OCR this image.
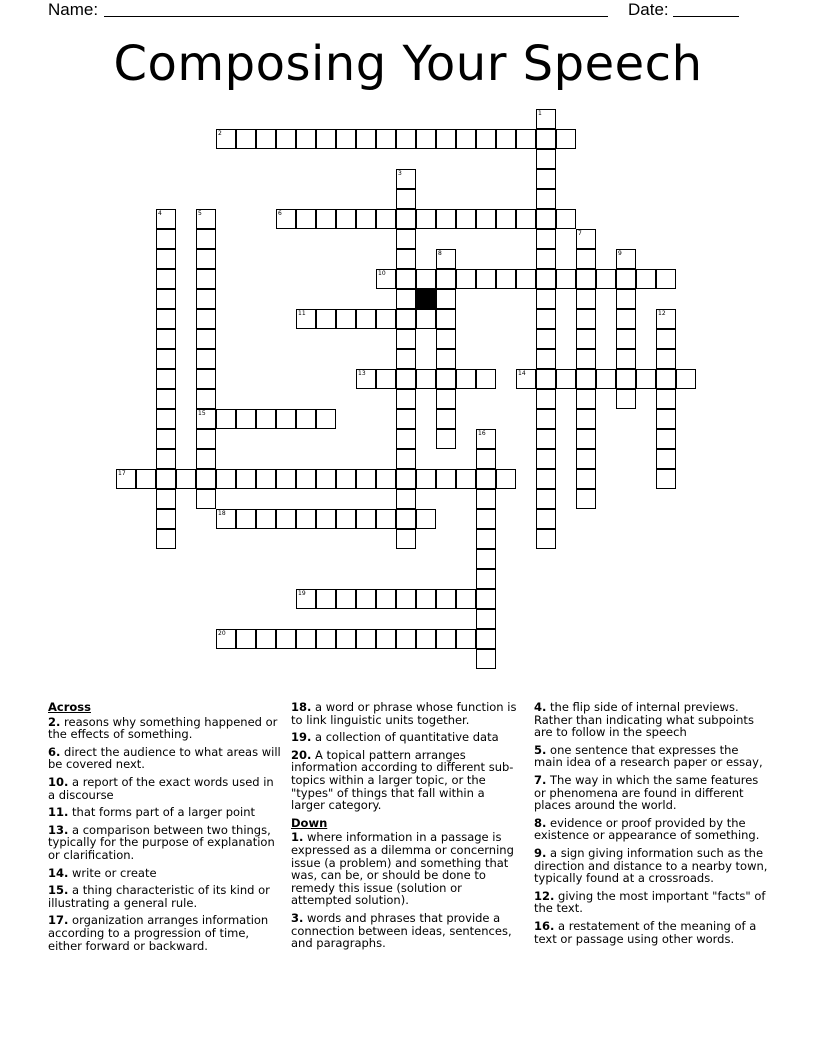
Name:	Date:
Composing Your Speech
1
2
3
4	5
15
6
7
8	9
10
11	12
13	14
16
17
18
19
20
Across
2. reasons why something happened or the effects of something.
6. direct the audience to what areas will be covered next.
10. a report of the exact words used in a discourse
11. that forms part of a larger point
13. a comparison between two things, typically for the purpose of explanation or clarification.
14. write or create
15. a thing characteristic of its kind or illustrating a general rule.
17. organization arranges information according to a progression of time, either forward or backward.
18. a word or phrase whose function is to link linguistic units together.
19. a collection of quantitative data
20. A topical pattern arranges information according to different sub-topics within a larger topic, or the "types" of things that fall within a larger category.
Down
1. where information in a passage is expressed as a dilemma or concerning issue (a problem) and something that was, can be, or should be done to remedy this issue (solution or attempted solution).
3. words and phrases that provide a connection between ideas, sentences, and paragraphs.
4. the flip side of internal previews. Rather than indicating what subpoints are to follow in the speech
5. one sentence that expresses the main idea of a research paper or essay,
7. The way in which the same features or phenomena are found in different places around the world.
8. evidence or proof provided by the existence or appearance of something.
9. a sign giving information such as the direction and distance to a nearby town, typically found at a crossroads.
12. giving the most important "facts" of the text.
16. a restatement of the meaning of a text or passage using other words.
